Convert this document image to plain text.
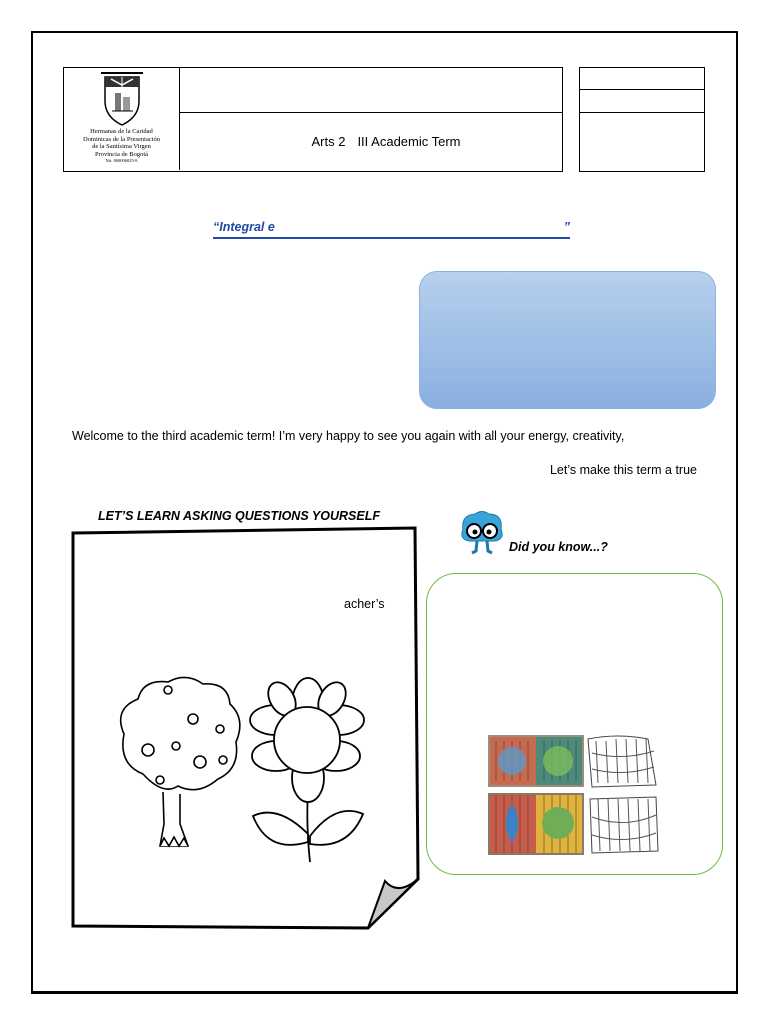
Hermanas de la Caridad
Dominicas de la Presentación
de la Santísima Virgen
Provincia de Bogotá
Nit. 860006025-8
Arts 2 III Academic Term
“Integral e	”
Welcome to the third academic term! I’m very happy to see you again with all your energy, creativity,
Let’s make this term a true
LET’S LEARN ASKING QUESTIONS YOURSELF
acher’s
Did you know...?
